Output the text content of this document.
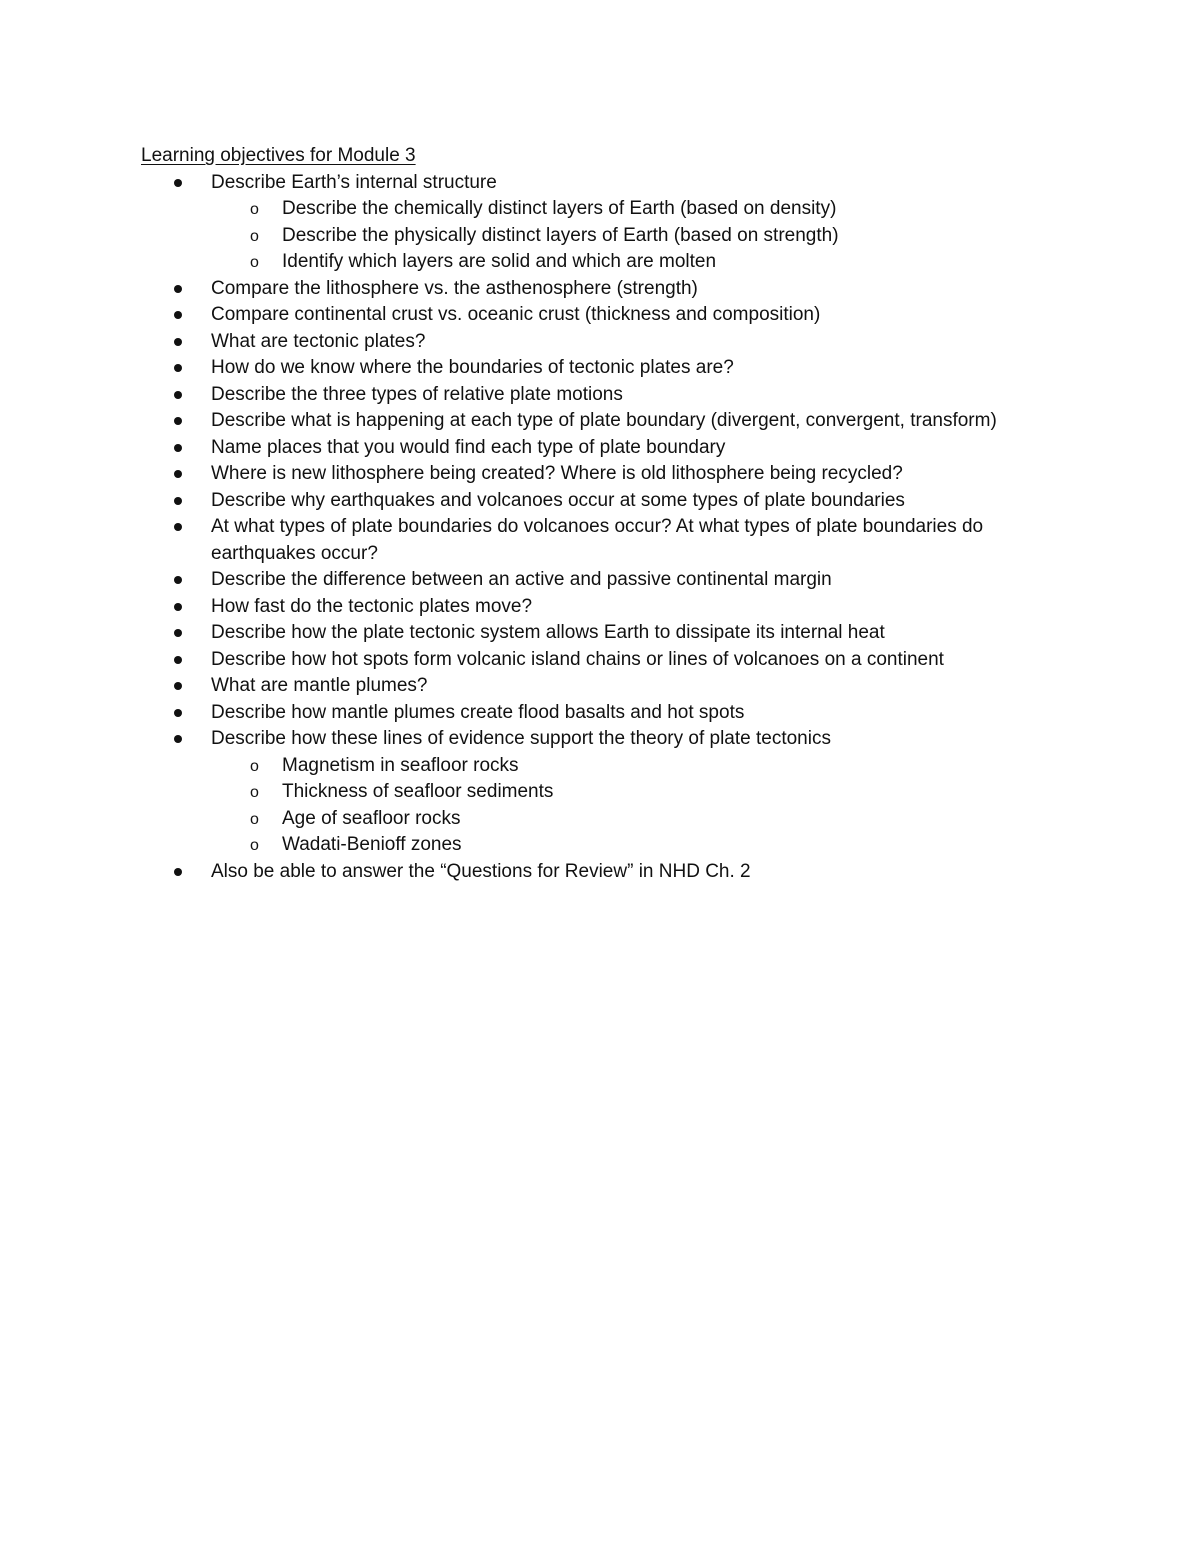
Learning objectives for Module 3
Describe Earth’s internal structure
o Describe the chemically distinct layers of Earth (based on density)
o Describe the physically distinct layers of Earth (based on strength)
o Identify which layers are solid and which are molten
Compare the lithosphere vs. the asthenosphere (strength)
Compare continental crust vs. oceanic crust (thickness and composition)
What are tectonic plates?
How do we know where the boundaries of tectonic plates are?
Describe the three types of relative plate motions
Describe what is happening at each type of plate boundary (divergent, convergent, transform)
Name places that you would find each type of plate boundary
Where is new lithosphere being created? Where is old lithosphere being recycled?
Describe why earthquakes and volcanoes occur at some types of plate boundaries
At what types of plate boundaries do volcanoes occur? At what types of plate boundaries do earthquakes occur?
Describe the difference between an active and passive continental margin
How fast do the tectonic plates move?
Describe how the plate tectonic system allows Earth to dissipate its internal heat
Describe how hot spots form volcanic island chains or lines of volcanoes on a continent
What are mantle plumes?
Describe how mantle plumes create flood basalts and hot spots
Describe how these lines of evidence support the theory of plate tectonics
o Magnetism in seafloor rocks
o Thickness of seafloor sediments
o Age of seafloor rocks
o Wadati-Benioff zones
Also be able to answer the “Questions for Review” in NHD Ch. 2
